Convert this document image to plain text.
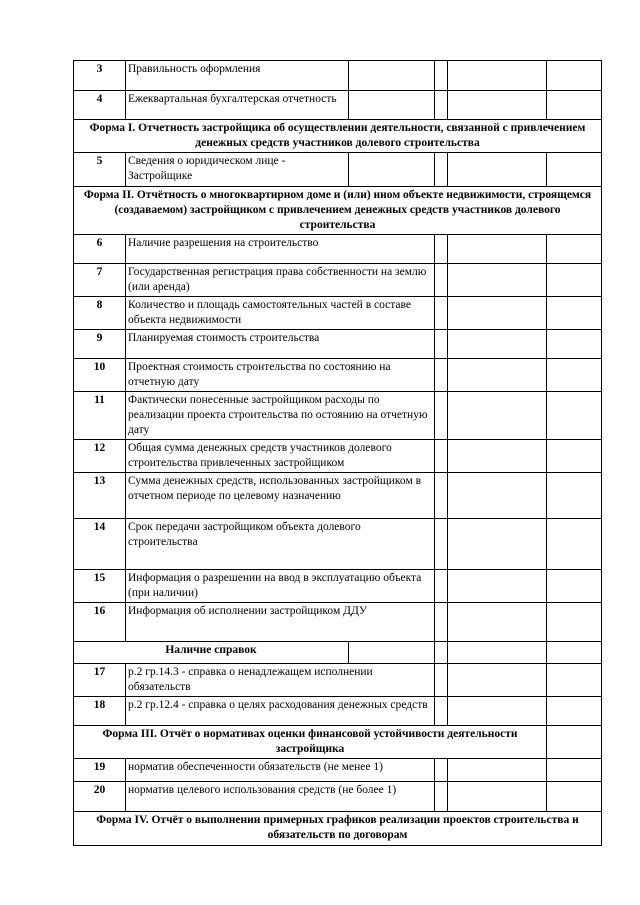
3	Правильность оформления				
4	Ежеквартальная бухгалтерская отчетность				
Форма I. Отчетность застройщика об осуществлении деятельности, связанной с привлечением денежных средств участников долевого строительства					
5	Сведения о юридическом лице - Застройщике				
Форма II. Отчётность о многоквартирном доме и (или) ином объекте недвижимости, строящемся (создаваемом) застройщиком с привлечением денежных средств участников долевого строительства					
6	Наличие разрешения на строительство				
7	Государственная регистрация права собственности на землю (или аренда)				
8	Количество и площадь самостоятельных частей в составе объекта недвижимости				
9	Планируемая стоимость строительства				
10	Проектная стоимость строительства по состоянию на отчетную дату				
11	Фактически понесенные застройщиком расходы по реализации проекта строительства по остоянию на отчетную дату				
12	Общая сумма денежных средств участников долевого строительства привлеченных застройщиком				
13	Сумма денежных средств, использованных застройщиком в отчетном периоде по целевому назначению				
14	Срок передачи застройщиком объекта долевого строительства				
15	Информация о разрешении на ввод в эксплуатацию объекта (при наличии)				
16	Информация об исполнении застройщиком ДДУ				
Наличие справок					
17	р.2 гр.14.3 - справка о ненадлежащем исполнении обязательств				
18	р.2 гр.12.4 - справка о целях расходования денежных средств				
Форма III. Отчёт о нормативах оценки финансовой устойчивости деятельности застройщика					
19	норматив обеспеченности обязательств (не менее 1)				
20	норматив целевого использования средств (не более 1)				
Форма IV. Отчёт о выполнении примерных графиков реализации проектов строительства и обязательств по договорам					
